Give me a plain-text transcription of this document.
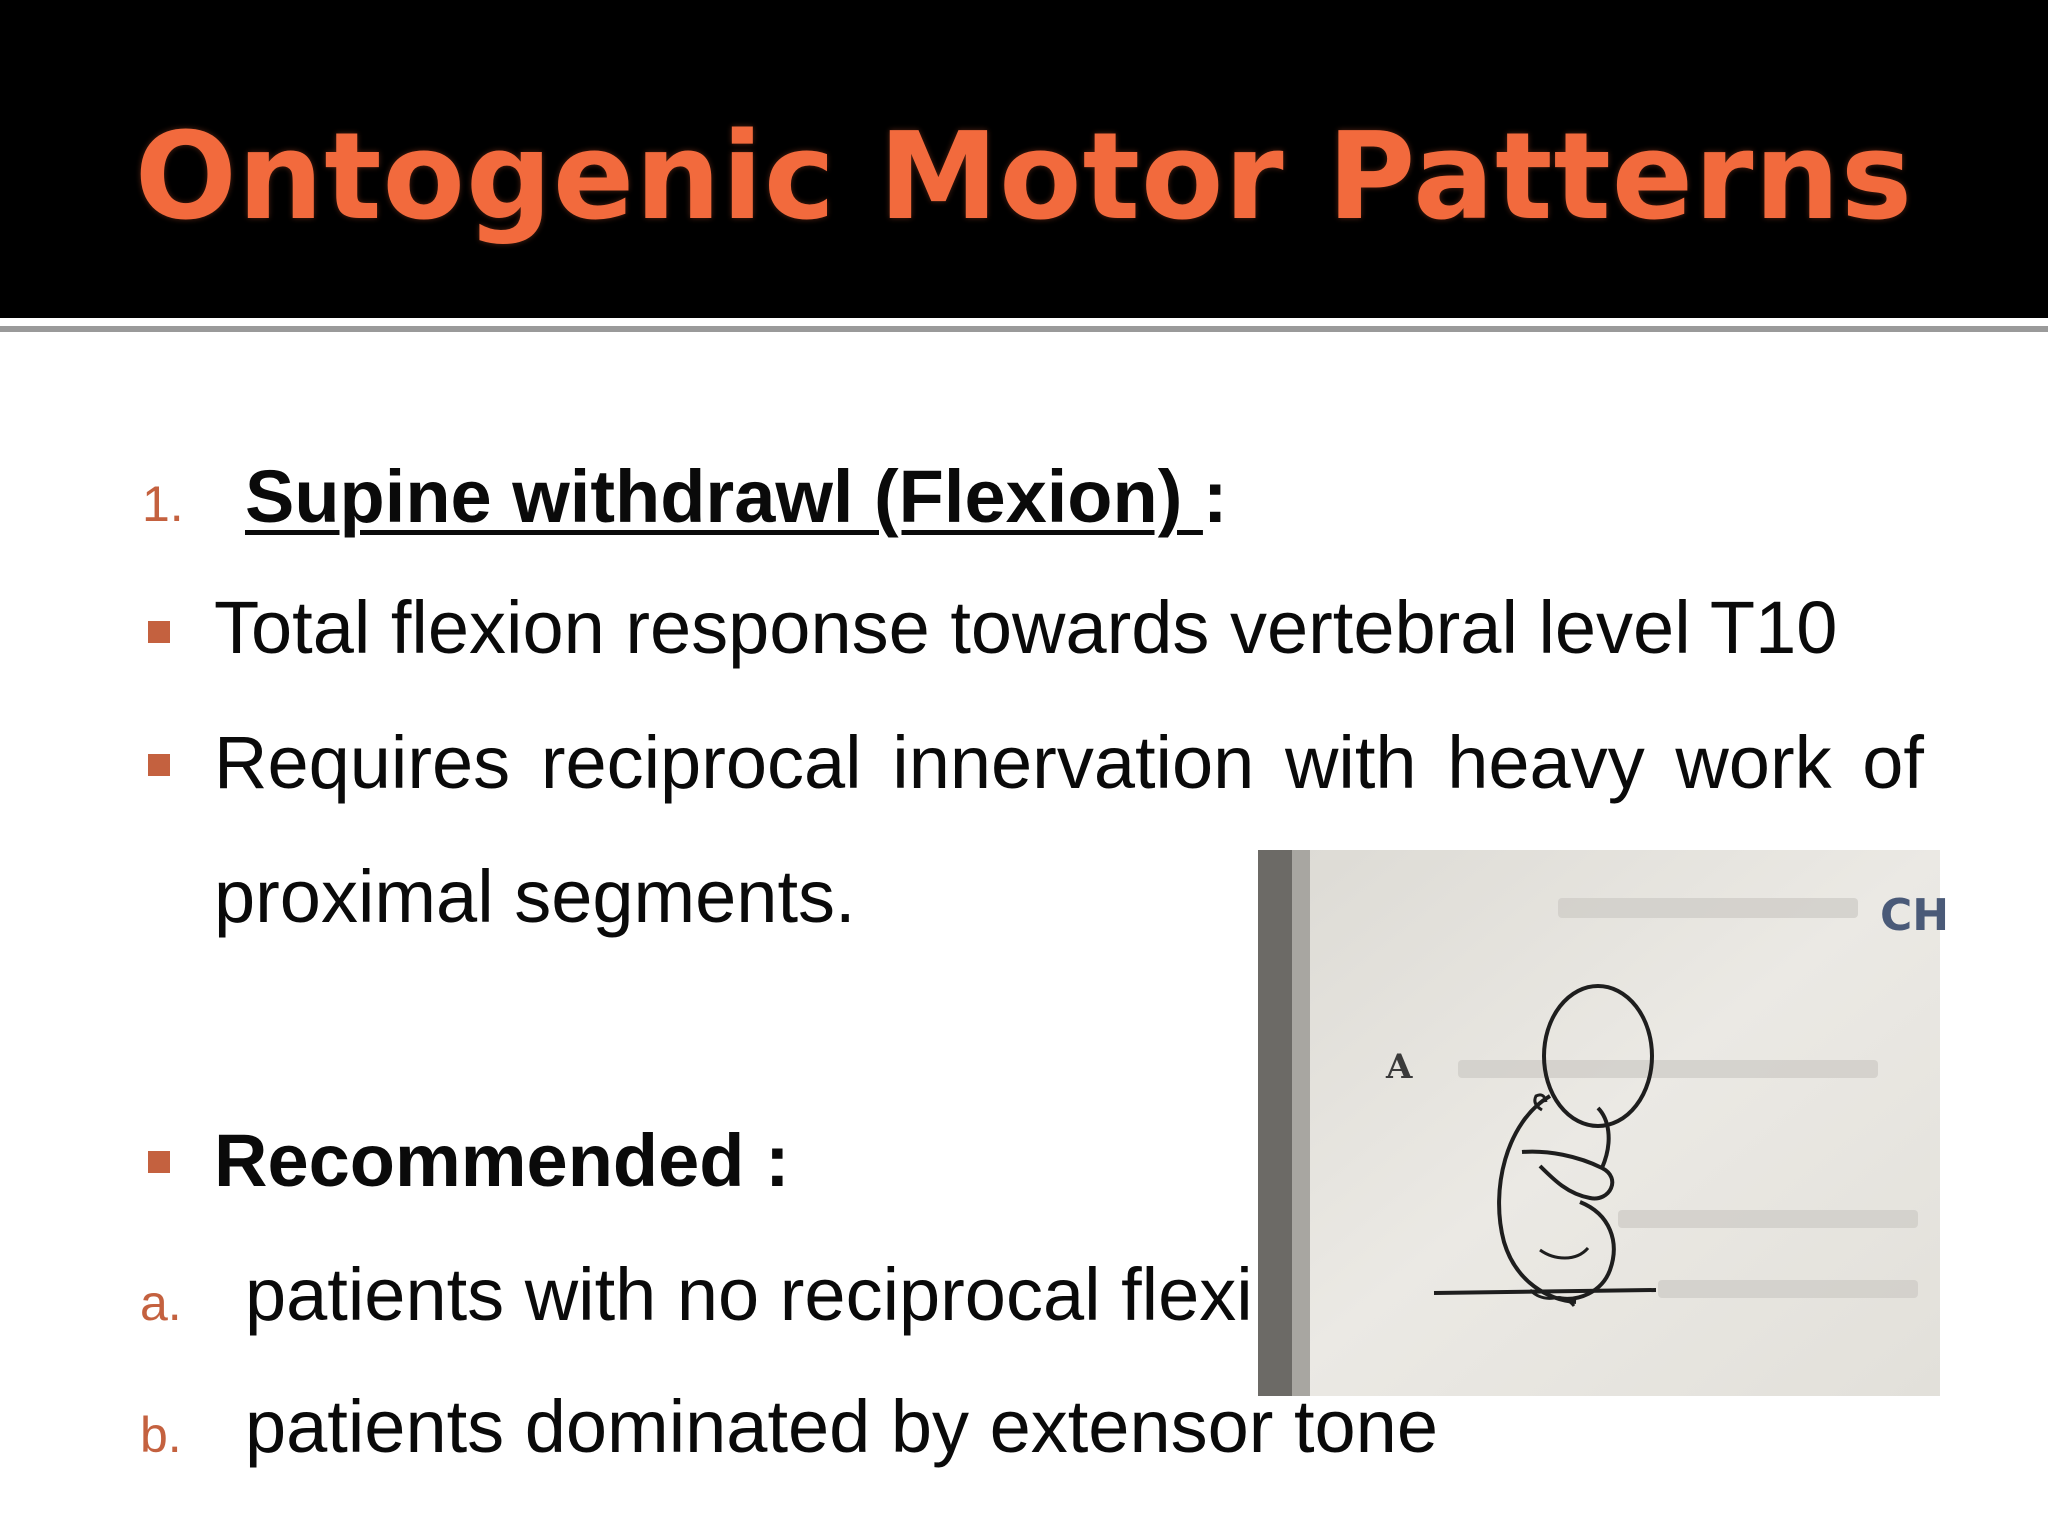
Ontogenic Motor Patterns
1. Supine withdrawl (Flexion) :
Total flexion response towards vertebral level T10
Requires reciprocal innervation with heavy work of
proximal segments.
Recommended :
a. patients with no reciprocal flexi
CH
A
b. patients dominated by extensor tone
